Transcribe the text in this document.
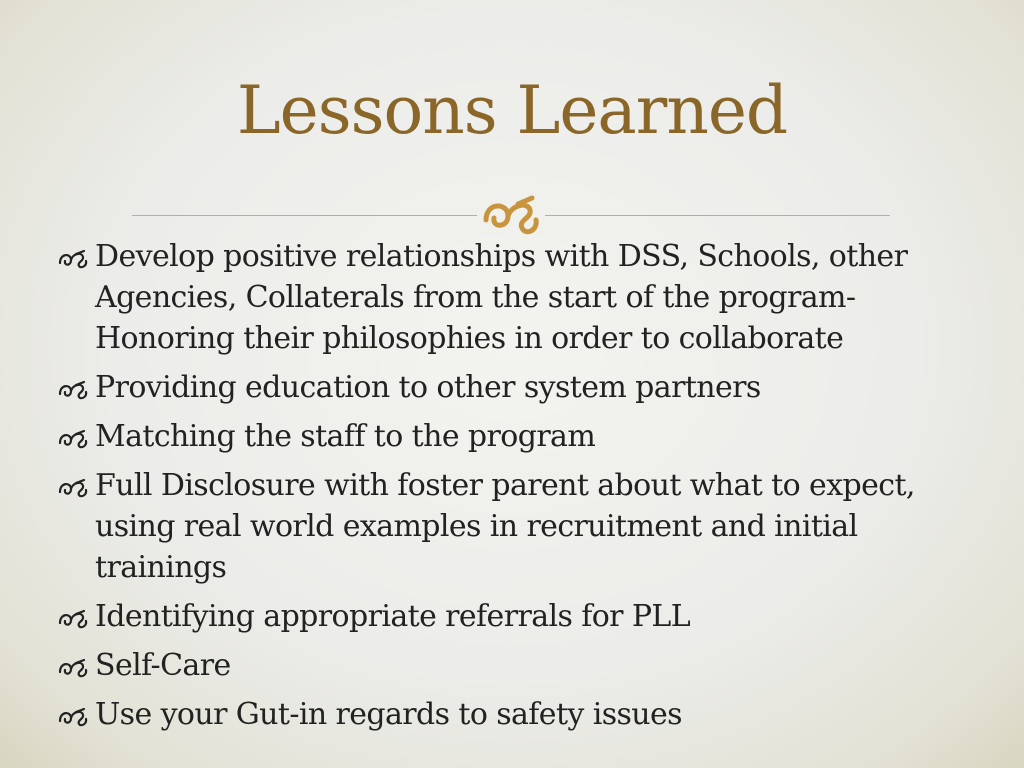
Lessons Learned
Develop positive relationships with DSS, Schools, other Agencies, Collaterals from the start of the program-Honoring their philosophies in order to collaborate
Providing education to other system partners
Matching the staff to the program
Full Disclosure with foster parent about what to expect, using real world examples in recruitment and initial trainings
Identifying appropriate referrals for PLL
Self-Care
Use your Gut-in regards to safety issues
